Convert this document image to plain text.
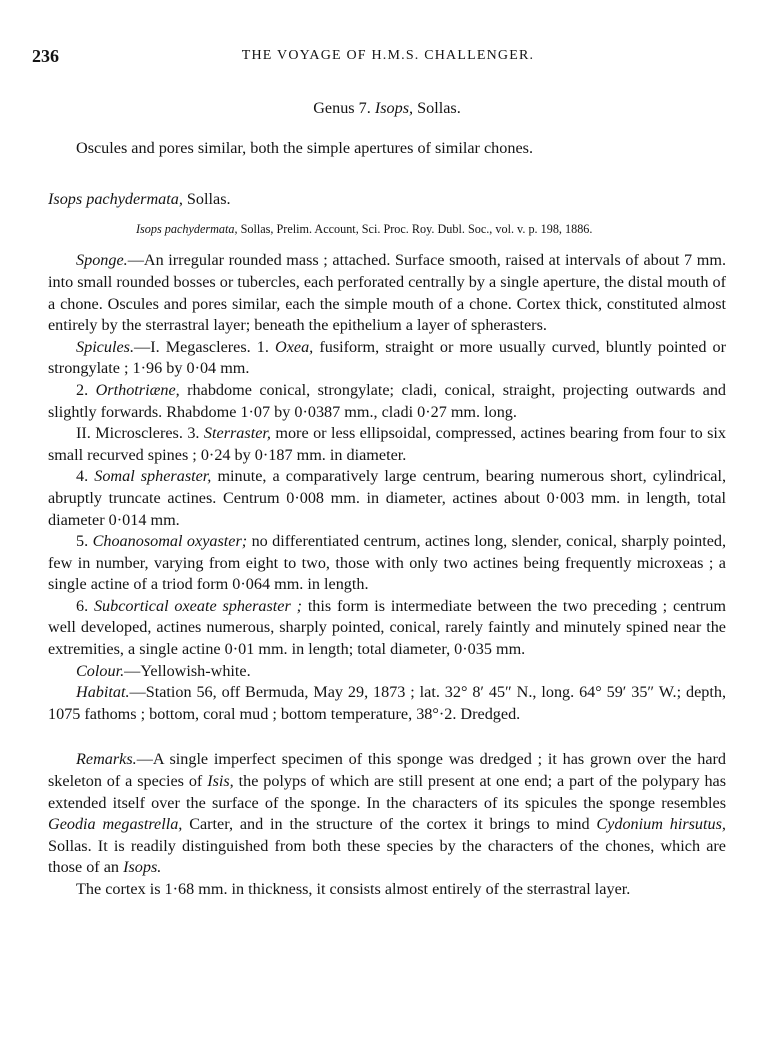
236	THE VOYAGE OF H.M.S. CHALLENGER.

Genus 7. Isops, Sollas.

Oscules and pores similar, both the simple apertures of similar chones.

Isops pachydermata, Sollas.

Isops pachydermata, Sollas, Prelim. Account, Sci. Proc. Roy. Dubl. Soc., vol. v. p. 198, 1886.

Sponge.—An irregular rounded mass ; attached. Surface smooth, raised at intervals of about 7 mm. into small rounded bosses or tubercles, each perforated centrally by a single aperture, the distal mouth of a chone. Oscules and pores similar, each the simple mouth of a chone. Cortex thick, constituted almost entirely by the sterrastral layer; beneath the epithelium a layer of spherasters.

Spicules.—I. Megascleres. 1. Oxea, fusiform, straight or more usually curved, bluntly pointed or strongylate ; 1·96 by 0·04 mm.

2. Orthotriæne, rhabdome conical, strongylate; cladi, conical, straight, projecting outwards and slightly forwards. Rhabdome 1·07 by 0·0387 mm., cladi 0·27 mm. long.

II. Microscleres. 3. Sterraster, more or less ellipsoidal, compressed, actines bearing from four to six small recurved spines ; 0·24 by 0·187 mm. in diameter.

4. Somal spheraster, minute, a comparatively large centrum, bearing numerous short, cylindrical, abruptly truncate actines. Centrum 0·008 mm. in diameter, actines about 0·003 mm. in length, total diameter 0·014 mm.

5. Choanosomal oxyaster; no differentiated centrum, actines long, slender, conical, sharply pointed, few in number, varying from eight to two, those with only two actines being frequently microxeas ; a single actine of a triod form 0·064 mm. in length.

6. Subcortical oxeate spheraster ; this form is intermediate between the two preceding ; centrum well developed, actines numerous, sharply pointed, conical, rarely faintly and minutely spined near the extremities, a single actine 0·01 mm. in length; total diameter, 0·035 mm.

Colour.—Yellowish-white.

Habitat.—Station 56, off Bermuda, May 29, 1873 ; lat. 32° 8′ 45″ N., long. 64° 59′ 35″ W.; depth, 1075 fathoms ; bottom, coral mud ; bottom temperature, 38°·2. Dredged.

Remarks.—A single imperfect specimen of this sponge was dredged ; it has grown over the hard skeleton of a species of Isis, the polyps of which are still present at one end; a part of the polypary has extended itself over the surface of the sponge. In the characters of its spicules the sponge resembles Geodia megastrella, Carter, and in the structure of the cortex it brings to mind Cydonium hirsutus, Sollas. It is readily distinguished from both these species by the characters of the chones, which are those of an Isops.

The cortex is 1·68 mm. in thickness, it consists almost entirely of the sterrastral layer.
